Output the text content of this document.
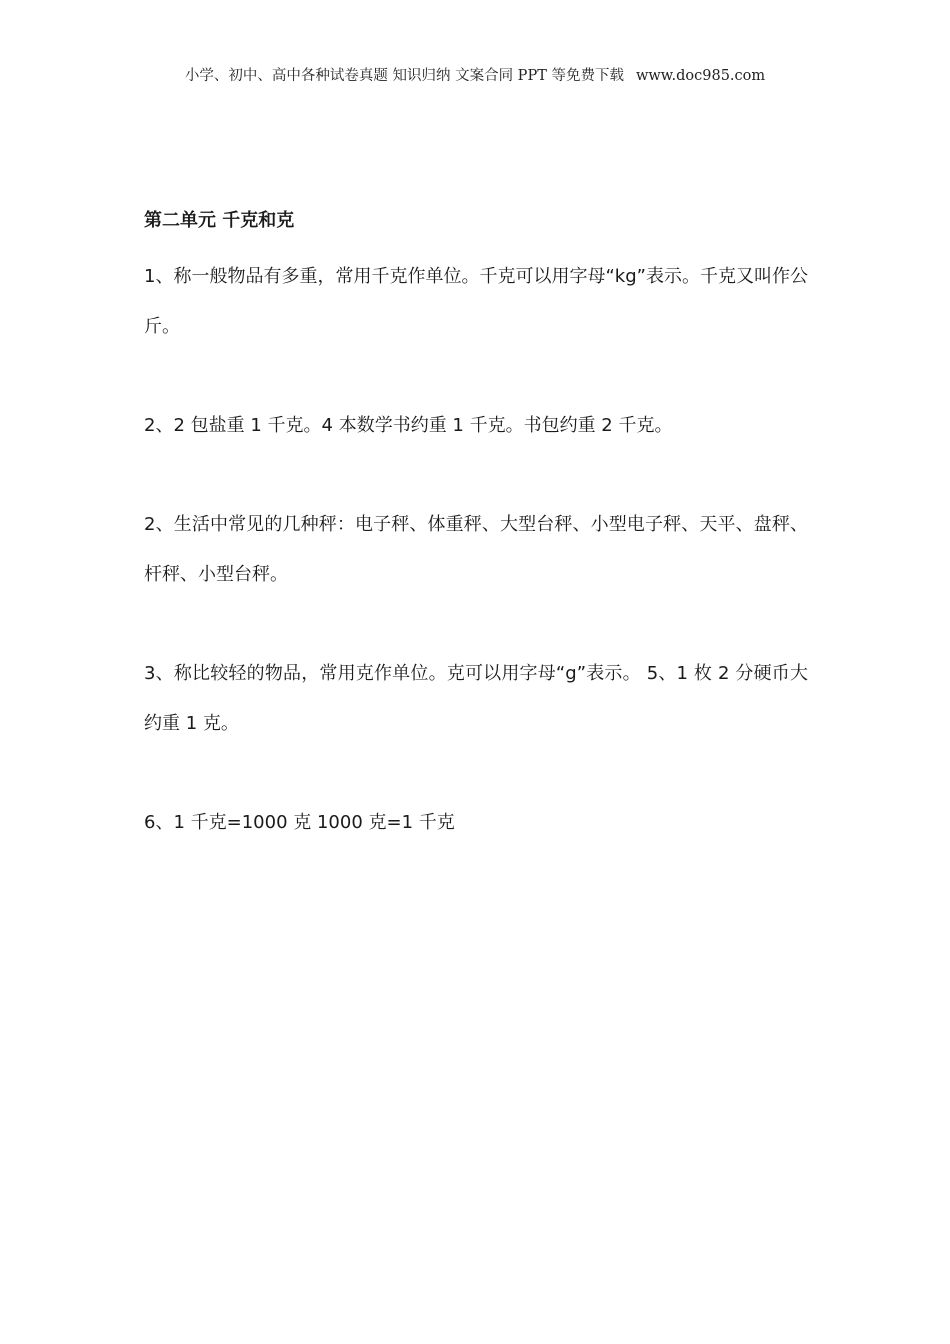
小学、初中、高中各种试卷真题 知识归纳 文案合同 PPT 等免费下载 www.doc985.com
第二单元 千克和克

1、称一般物品有多重，常用千克作单位。千克可以用字母“kg”表示。千克又叫作公斤。

2、2 包盐重 1 千克。4 本数学书约重 1 千克。书包约重 2 千克。

2、生活中常见的几种秤：电子秤、体重秤、大型台秤、小型电子秤、天平、盘秤、杆秤、小型台秤。

3、称比较轻的物品，常用克作单位。克可以用字母“g”表示。 5、1 枚 2 分硬币大约重 1 克。

6、1 千克=1000 克 1000 克=1 千克
